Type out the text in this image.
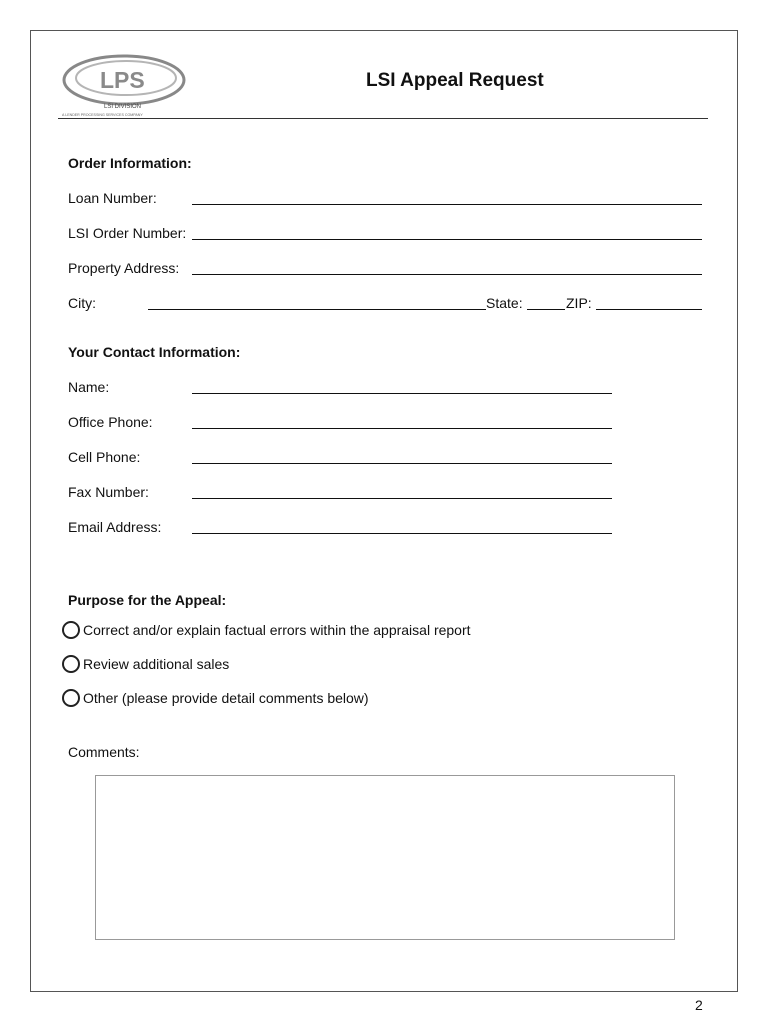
LPS
LSI DIVISION
A LENDER PROCESSING SERVICES COMPANY
LSI Appeal Request
Order Information:
Loan Number:
LSI Order Number:
Property Address:
City:	State:	ZIP:
Your Contact Information:
Name:
Office Phone:
Cell Phone:
Fax Number:
Email Address:
Purpose for the Appeal:
Correct and/or explain factual errors within the appraisal report
Review additional sales
Other (please provide detail comments below)
Comments:
2
